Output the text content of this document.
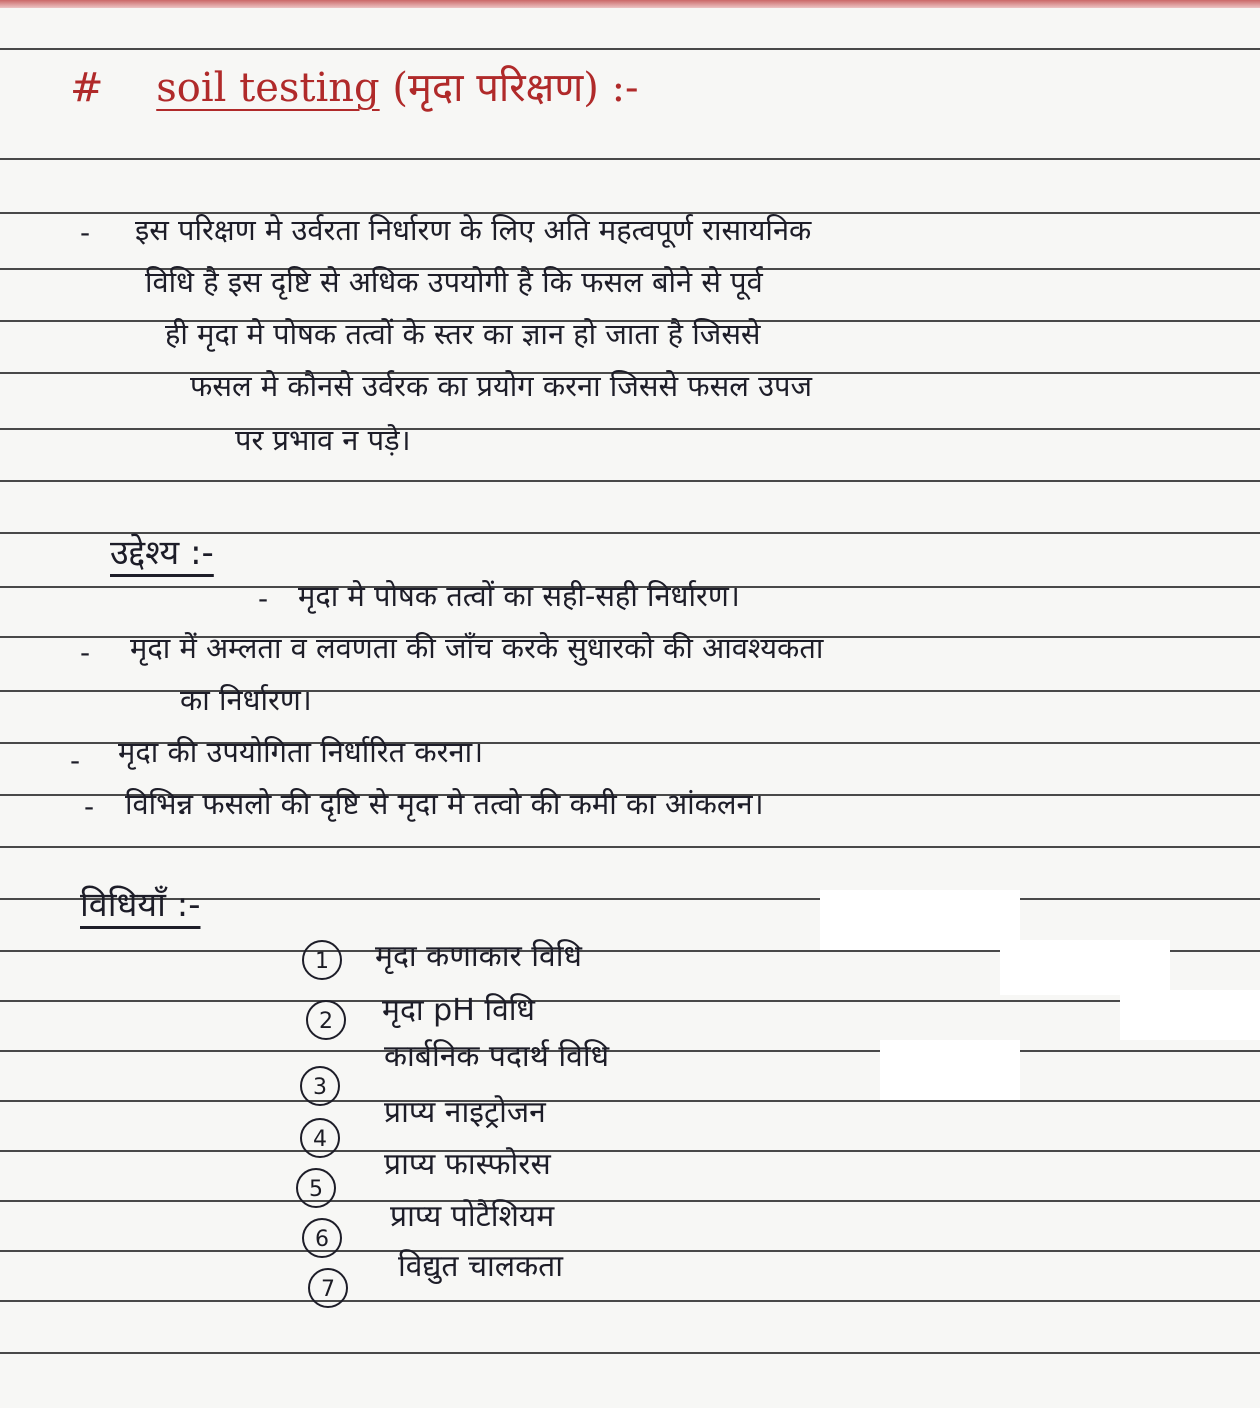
# soil testing (मृदा परिक्षण) :-
- इस परिक्षण मे उर्वरता निर्धारण के लिए अति महत्वपूर्ण रासायनिक
विधि है इस दृष्टि से अधिक उपयोगी है कि फसल बोने से पूर्व
ही मृदा मे पोषक तत्वों के स्तर का ज्ञान हो जाता है जिससे
फसल मे कौनसे उर्वरक का प्रयोग करना जिससे फसल उपज
पर प्रभाव न पड़े।
उद्देश्य :-
- मृदा मे पोषक तत्वों का सही-सही निर्धारण।
- मृदा में अम्लता व लवणता की जाँच करके सुधारको की आवश्यकता
का निर्धारण।
- मृदा की उपयोगिता निर्धारित करना।
- विभिन्न फसलो की दृष्टि से मृदा मे तत्वो की कमी का आंकलन।
विधियाँ :-
1	मृदा कणाकार विधि
2	मृदा pH विधि
3
कार्बनिक पदार्थ विधि
4
प्राप्य नाइट्रोजन
5
प्राप्य फास्फोरस
6
प्राप्य पोटैशियम
7
विद्युत चालकता
